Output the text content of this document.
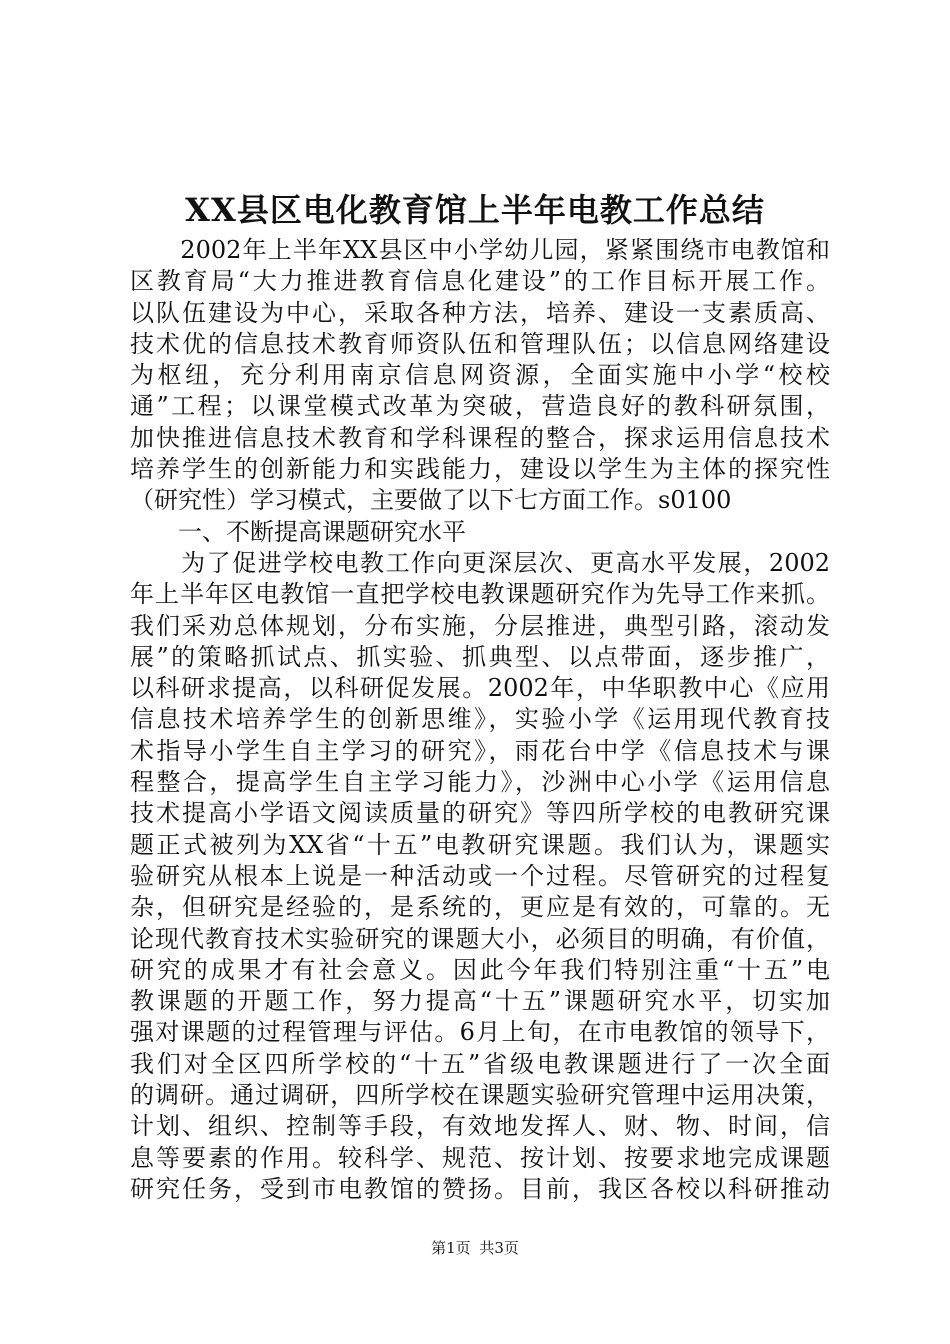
XX县区电化教育馆上半年电教工作总结
　　2002年上半年XX县区中小学幼儿园，紧紧围绕市电教馆和
区教育局“大力推进教育信息化建设”的工作目标开展工作。
以队伍建设为中心，采取各种方法，培养、建设一支素质高、
技术优的信息技术教育师资队伍和管理队伍；以信息网络建设
为枢纽，充分利用南京信息网资源，全面实施中小学“校校
通”工程；以课堂模式改革为突破，营造良好的教科研氛围，
加快推进信息技术教育和学科课程的整合，探求运用信息技术
培养学生的创新能力和实践能力，建设以学生为主体的探究性
（研究性）学习模式，主要做了以下七方面工作。s0100
　　一、不断提高课题研究水平
　　为了促进学校电教工作向更深层次、更高水平发展，2002
年上半年区电教馆一直把学校电教课题研究作为先导工作来抓。
我们采劝总体规划，分布实施，分层推进，典型引路，滚动发
展”的策略抓试点、抓实验、抓典型、以点带面，逐步推广，
以科研求提高，以科研促发展。2002年，中华职教中心《应用
信息技术培养学生的创新思维》，实验小学《运用现代教育技
术指导小学生自主学习的研究》，雨花台中学《信息技术与课
程整合，提高学生自主学习能力》，沙洲中心小学《运用信息
技术提高小学语文阅读质量的研究》等四所学校的电教研究课
题正式被列为XX省“十五”电教研究课题。我们认为，课题实
验研究从根本上说是一种活动或一个过程。尽管研究的过程复
杂，但研究是经验的，是系统的，更应是有效的，可靠的。无
论现代教育技术实验研究的课题大小，必须目的明确，有价值，
研究的成果才有社会意义。因此今年我们特别注重“十五”电
教课题的开题工作，努力提高“十五”课题研究水平，切实加
强对课题的过程管理与评估。6月上旬，在市电教馆的领导下，
我们对全区四所学校的“十五”省级电教课题进行了一次全面
的调研。通过调研，四所学校在课题实验研究管理中运用决策，
计划、组织、控制等手段，有效地发挥人、财、物、时间，信
息等要素的作用。较科学、规范、按计划、按要求地完成课题
研究任务，受到市电教馆的赞扬。目前，我区各校以科研推动
第1页 共3页
